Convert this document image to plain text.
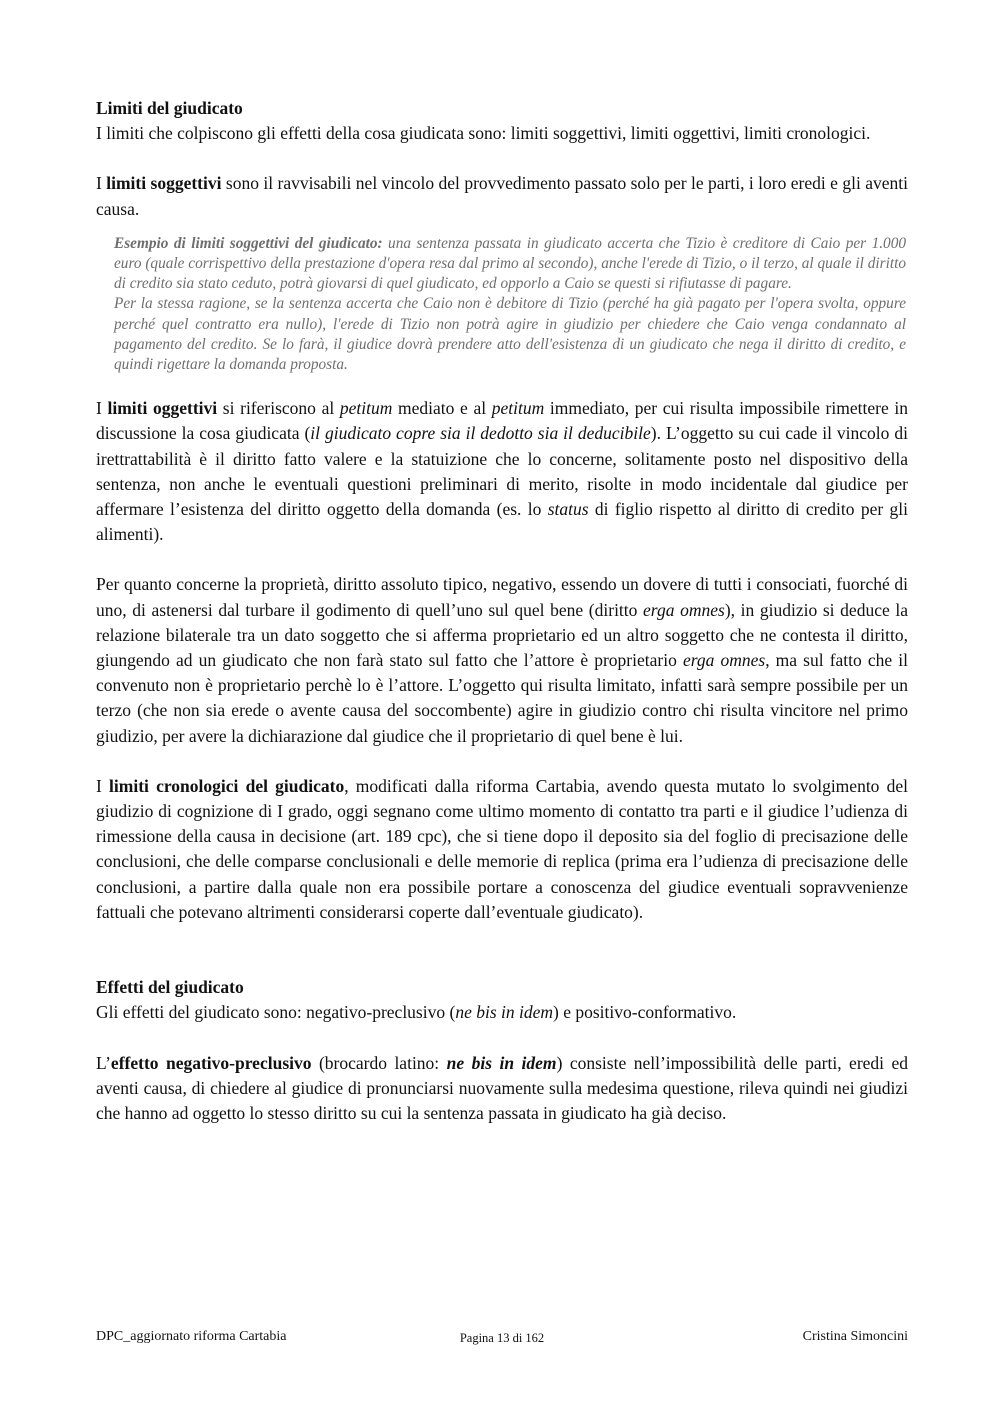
Limiti del giudicato

I limiti che colpiscono gli effetti della cosa giudicata sono: limiti soggettivi, limiti oggettivi, limiti cronologici.

I limiti soggettivi sono il ravvisabili nel vincolo del provvedimento passato solo per le parti, i loro eredi e gli aventi causa.

Esempio di limiti soggettivi del giudicato: una sentenza passata in giudicato accerta che Tizio è creditore di Caio per 1.000 euro (quale corrispettivo della prestazione d'opera resa dal primo al secondo), anche l'erede di Tizio, o il terzo, al quale il diritto di credito sia stato ceduto, potrà giovarsi di quel giudicato, ed opporlo a Caio se questi si rifiutasse di pagare.

Per la stessa ragione, se la sentenza accerta che Caio non è debitore di Tizio (perché ha già pagato per l'opera svolta, oppure perché quel contratto era nullo), l'erede di Tizio non potrà agire in giudizio per chiedere che Caio venga condannato al pagamento del credito. Se lo farà, il giudice dovrà prendere atto dell'esistenza di un giudicato che nega il diritto di credito, e quindi rigettare la domanda proposta.

I limiti oggettivi si riferiscono al petitum mediato e al petitum immediato, per cui risulta impossibile rimettere in discussione la cosa giudicata (il giudicato copre sia il dedotto sia il deducibile). L’oggetto su cui cade il vincolo di irettrattabilità è il diritto fatto valere e la statuizione che lo concerne, solitamente posto nel dispositivo della sentenza, non anche le eventuali questioni preliminari di merito, risolte in modo incidentale dal giudice per affermare l’esistenza del diritto oggetto della domanda (es. lo status di figlio rispetto al diritto di credito per gli alimenti).

Per quanto concerne la proprietà, diritto assoluto tipico, negativo, essendo un dovere di tutti i consociati, fuorché di uno, di astenersi dal turbare il godimento di quell’uno sul quel bene (diritto erga omnes), in giudizio si deduce la relazione bilaterale tra un dato soggetto che si afferma proprietario ed un altro soggetto che ne contesta il diritto, giungendo ad un giudicato che non farà stato sul fatto che l’attore è proprietario erga omnes, ma sul fatto che il convenuto non è proprietario perchè lo è l’attore. L’oggetto qui risulta limitato, infatti sarà sempre possibile per un terzo (che non sia erede o avente causa del soccombente) agire in giudizio contro chi risulta vincitore nel primo giudizio, per avere la dichiarazione dal giudice che il proprietario di quel bene è lui.

I limiti cronologici del giudicato, modificati dalla riforma Cartabia, avendo questa mutato lo svolgimento del giudizio di cognizione di I grado, oggi segnano come ultimo momento di contatto tra parti e il giudice l’udienza di rimessione della causa in decisione (art. 189 cpc), che si tiene dopo il deposito sia del foglio di precisazione delle conclusioni, che delle comparse conclusionali e delle memorie di replica (prima era l’udienza di precisazione delle conclusioni, a partire dalla quale non era possibile portare a conoscenza del giudice eventuali sopravvenienze fattuali che potevano altrimenti considerarsi coperte dall’eventuale giudicato).

Effetti del giudicato

Gli effetti del giudicato sono: negativo-preclusivo (ne bis in idem) e positivo-conformativo.

L’effetto negativo-preclusivo (brocardo latino: ne bis in idem) consiste nell’impossibilità delle parti, eredi ed aventi causa, di chiedere al giudice di pronunciarsi nuovamente sulla medesima questione, rileva quindi nei giudizi che hanno ad oggetto lo stesso diritto su cui la sentenza passata in giudicato ha già deciso.

DPC_aggiornato riforma Cartabia	Pagina 13 di 162	Cristina Simoncini
